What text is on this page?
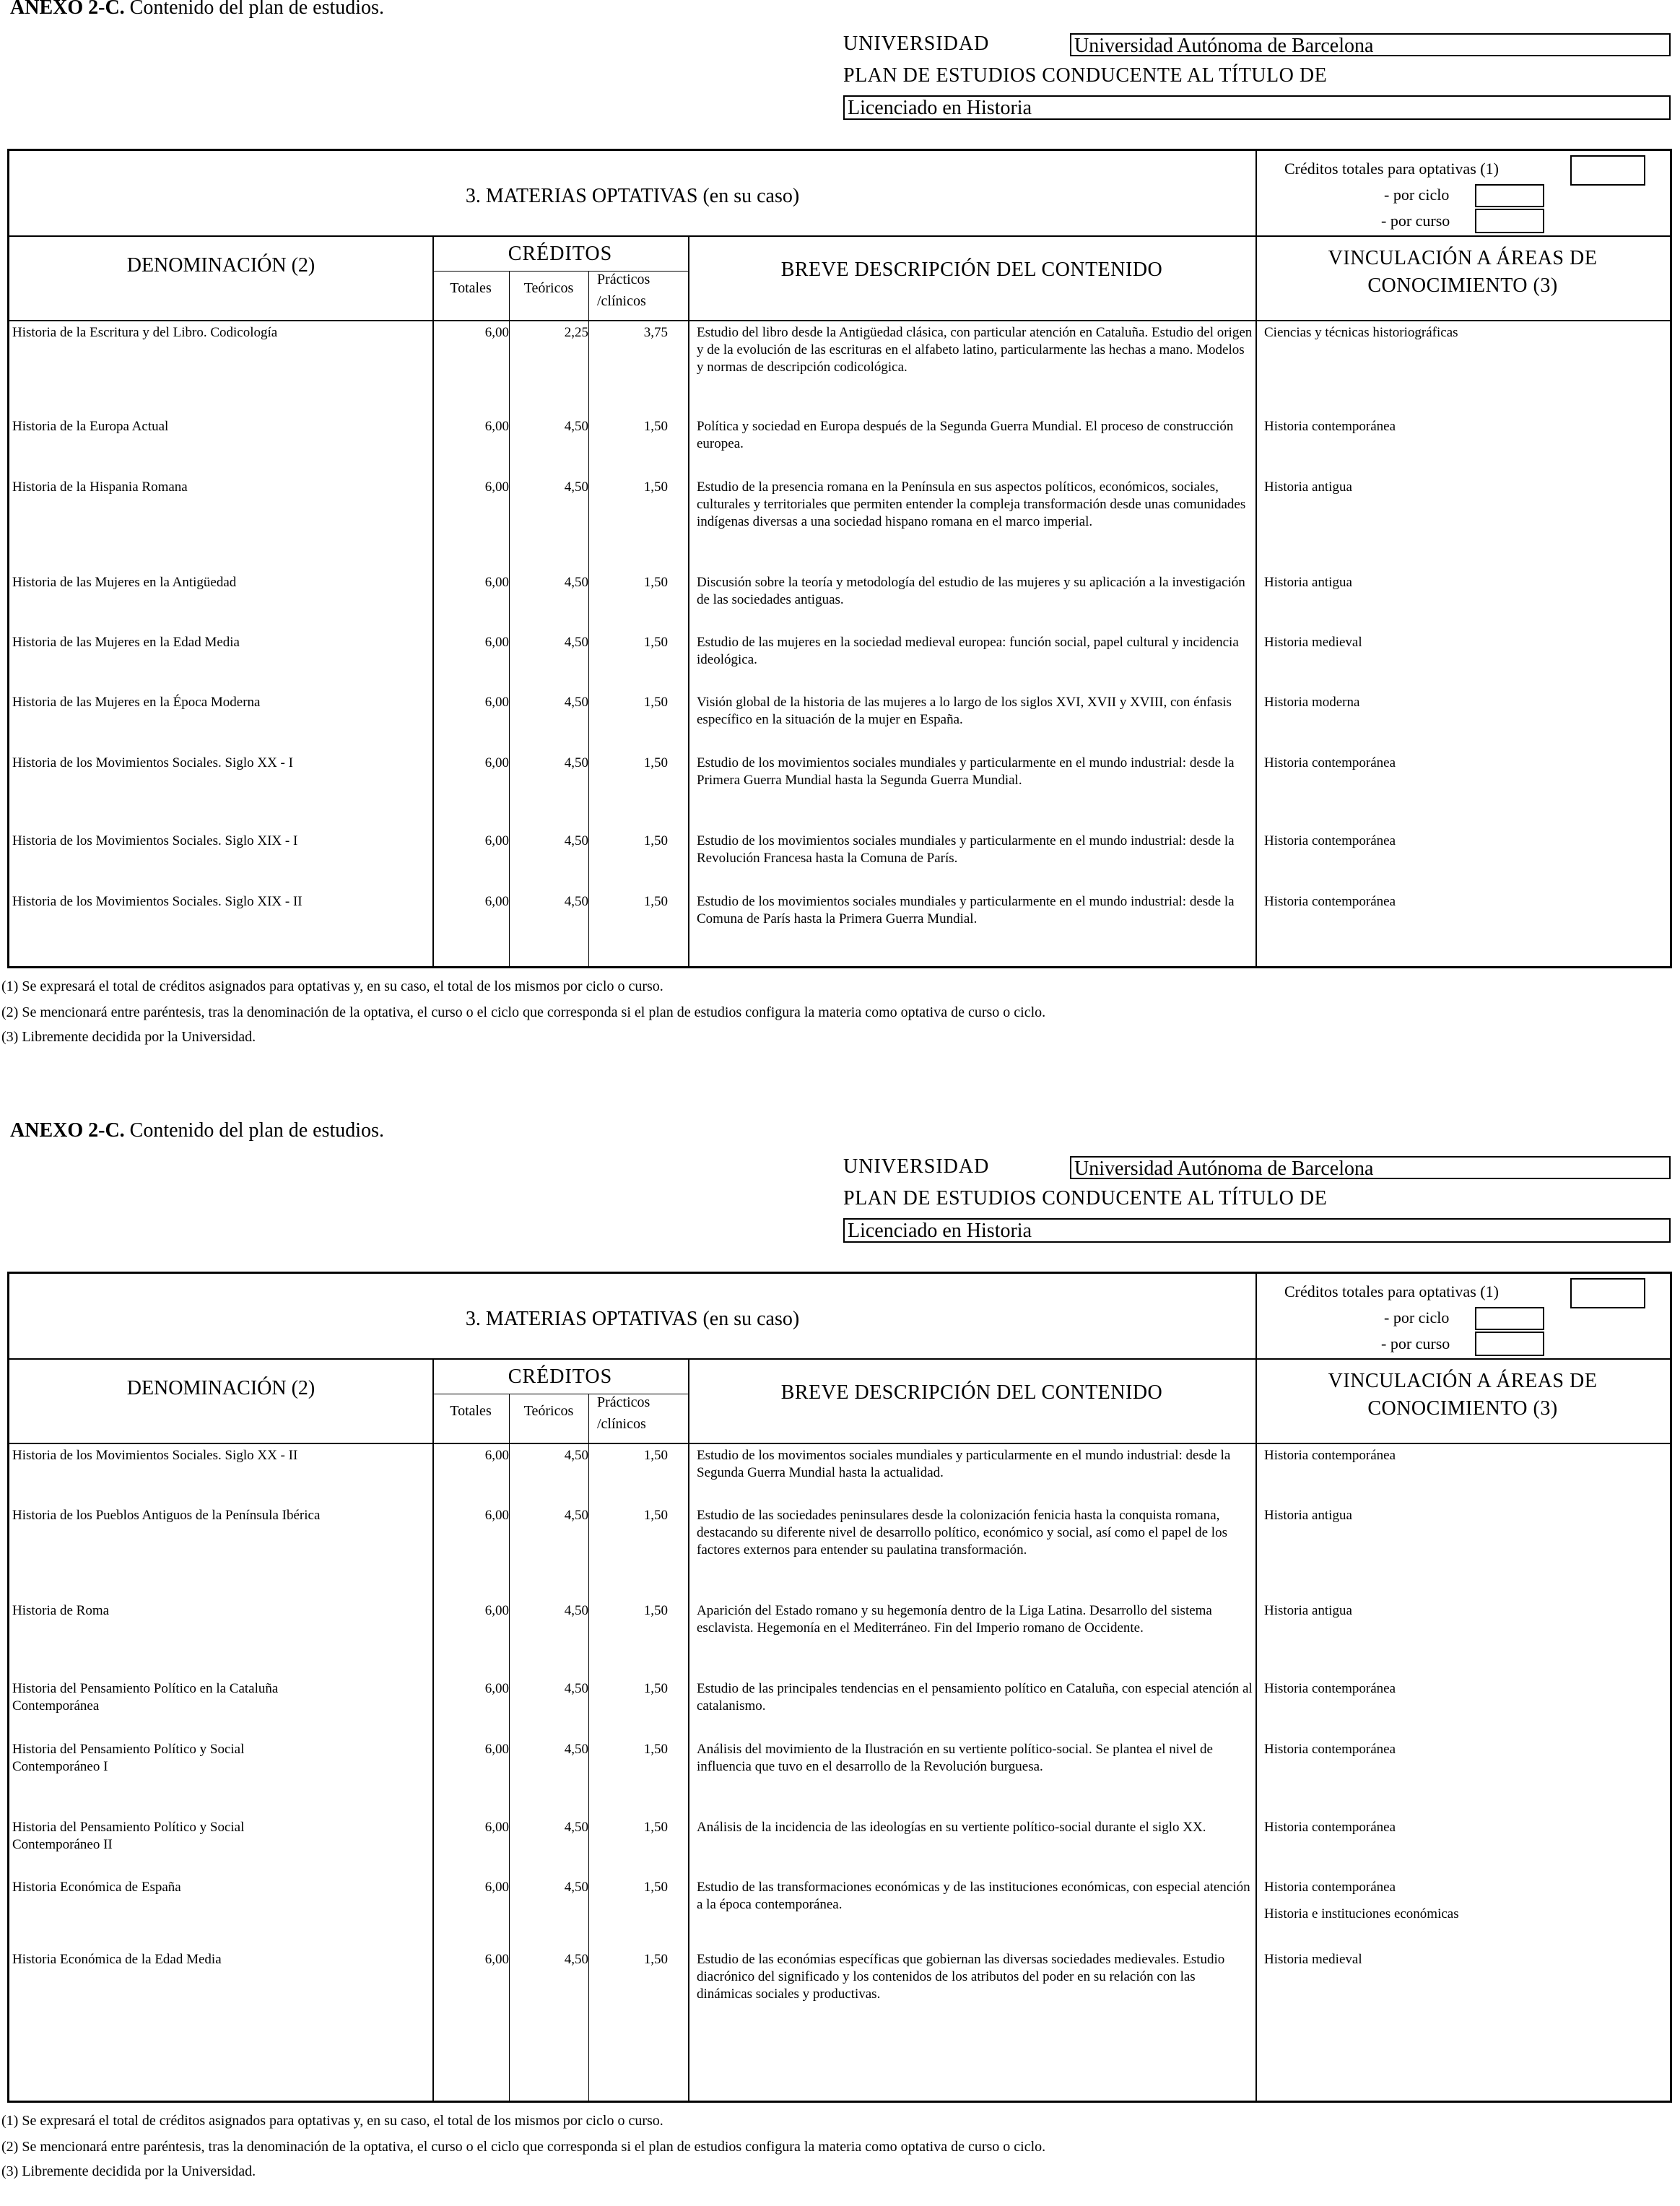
ANEXO 2-C. Contenido del plan de estudios.
UNIVERSIDAD	Universidad Autónoma de Barcelona
PLAN DE ESTUDIOS CONDUCENTE AL TÍTULO DE
Licenciado en Historia
3. MATERIAS OPTATIVAS (en su caso)
Créditos totales para optativas (1)
- por ciclo
- por curso
DENOMINACIÓN (2)
CRÉDITOS
Totales	Teóricos
Prácticos
/clínicos
BREVE DESCRIPCIÓN DEL CONTENIDO
VINCULACIÓN A ÁREAS DE
CONOCIMIENTO (3)
Historia de la Escritura y del Libro. Codicología	6,00	2,25	3,75 Estudio del libro desde la Antigüedad clásica, con particular atención en Cataluña. Estudio del origen y de la evolución de las escrituras en el alfabeto latino, particularmente las hechas a mano. Modelos y normas de descripción codicológica.
Ciencias y técnicas historiográficas
Historia de la Europa Actual	6,00	4,50	1,50 Política y sociedad en Europa después de la Segunda Guerra Mundial. El proceso de construcción europea.
Historia contemporánea
Historia de la Hispania Romana	6,00	4,50	1,50 Estudio de la presencia romana en la Península en sus aspectos políticos, económicos, sociales, culturales y territoriales que permiten entender la compleja transformación desde unas comunidades indígenas diversas a una sociedad hispano romana en el marco imperial.
Historia antigua
Historia de las Mujeres en la Antigüedad	6,00	4,50	1,50 Discusión sobre la teoría y metodología del estudio de las mujeres y su aplicación a la investigación de las sociedades antiguas.
Historia antigua
Historia de las Mujeres en la Edad Media	6,00	4,50	1,50 Estudio de las mujeres en la sociedad medieval europea: función social, papel cultural y incidencia ideológica.
Historia medieval
Historia de las Mujeres en la Época Moderna	6,00	4,50	1,50 Visión global de la historia de las mujeres a lo largo de los siglos XVI, XVII y XVIII, con énfasis específico en la situación de la mujer en España.
Historia moderna
Historia de los Movimientos Sociales. Siglo XX - I	6,00	4,50	1,50 Estudio de los movimientos sociales mundiales y particularmente en el mundo industrial: desde la Primera Guerra Mundial hasta la Segunda Guerra Mundial.
Historia contemporánea
Historia de los Movimientos Sociales. Siglo XIX - I	6,00	4,50	1,50 Estudio de los movimientos sociales mundiales y particularmente en el mundo industrial: desde la Revolución Francesa hasta la Comuna de París.
Historia contemporánea
Historia de los Movimientos Sociales. Siglo XIX - II	6,00	4,50	1,50 Estudio de los movimientos sociales mundiales y particularmente en el mundo industrial: desde la Comuna de París hasta la Primera Guerra Mundial.
Historia contemporánea
(1) Se expresará el total de créditos asignados para optativas y, en su caso, el total de los mismos por ciclo o curso.
(2) Se mencionará entre paréntesis, tras la denominación de la optativa, el curso o el ciclo que corresponda si el plan de estudios configura la materia como optativa de curso o ciclo.
(3) Libremente decidida por la Universidad.
ANEXO 2-C. Contenido del plan de estudios.
UNIVERSIDAD	Universidad Autónoma de Barcelona
PLAN DE ESTUDIOS CONDUCENTE AL TÍTULO DE
Licenciado en Historia
3. MATERIAS OPTATIVAS (en su caso)
Créditos totales para optativas (1)
- por ciclo
- por curso
DENOMINACIÓN (2)
CRÉDITOS
Totales	Teóricos
Prácticos
/clínicos
BREVE DESCRIPCIÓN DEL CONTENIDO
VINCULACIÓN A ÁREAS DE
CONOCIMIENTO (3)
Historia de los Movimientos Sociales. Siglo XX - II	6,00	4,50	1,50 Estudio de los movimentos sociales mundiales y particularmente en el mundo industrial: desde la Segunda Guerra Mundial hasta la actualidad.
Historia contemporánea
Historia de los Pueblos Antiguos de la Península Ibérica	6,00	4,50	1,50 Estudio de las sociedades peninsulares desde la colonización fenicia hasta la conquista romana, destacando su diferente nivel de desarrollo político, económico y social, así como el papel de los factores externos para entender su paulatina transformación.
Historia antigua
Historia de Roma	6,00	4,50	1,50 Aparición del Estado romano y su hegemonía dentro de la Liga Latina. Desarrollo del sistema esclavista. Hegemonía en el Mediterráneo. Fin del Imperio romano de Occidente.
Historia antigua
Historia del Pensamiento Político en la Cataluña Contemporánea
6,00	4,50	1,50 Estudio de las principales tendencias en el pensamiento político en Cataluña, con especial atención al catalanismo.
Historia contemporánea
Historia del Pensamiento Político y Social Contemporáneo I
6,00	4,50	1,50 Análisis del movimiento de la Ilustración en su vertiente político-social. Se plantea el nivel de influencia que tuvo en el desarrollo de la Revolución burguesa.
Historia contemporánea
Historia del Pensamiento Político y Social Contemporáneo II
6,00	4,50	1,50 Análisis de la incidencia de las ideologías en su vertiente político-social durante el siglo XX.	Historia contemporánea
Historia Económica de España	6,00	4,50	1,50 Estudio de las transformaciones económicas y de las instituciones económicas, con especial atención a la época contemporánea.
Historia contemporánea
Historia e instituciones económicas
Historia Económica de la Edad Media	6,00	4,50	1,50 Estudio de las económias específicas que gobiernan las diversas sociedades medievales. Estudio diacrónico del significado y los contenidos de los atributos del poder en su relación con las dinámicas sociales y productivas.
Historia medieval
(1) Se expresará el total de créditos asignados para optativas y, en su caso, el total de los mismos por ciclo o curso.
(2) Se mencionará entre paréntesis, tras la denominación de la optativa, el curso o el ciclo que corresponda si el plan de estudios configura la materia como optativa de curso o ciclo.
(3) Libremente decidida por la Universidad.
